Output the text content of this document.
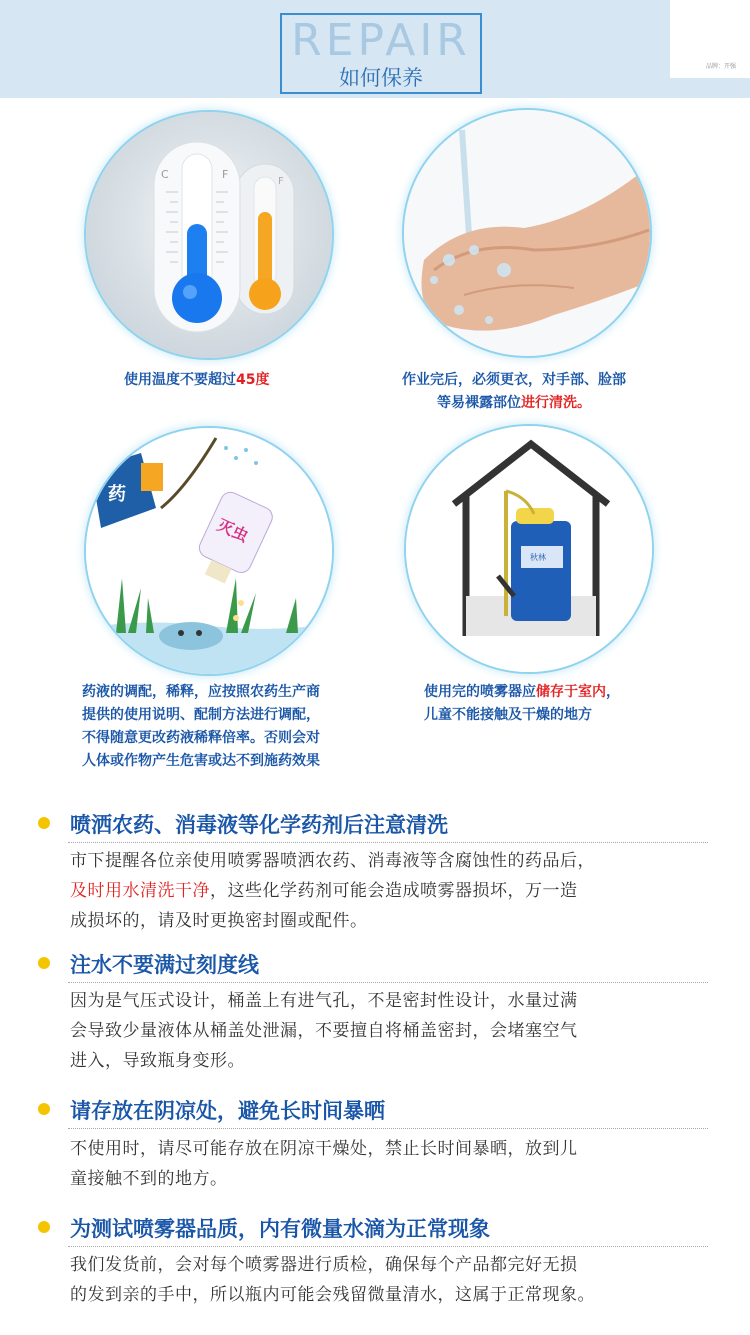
品牌：开强
REPAIR
如何保养
F
C	F
使用温度不要超过45度	作业完后，必须更衣，对手部、脸部
等易裸露部位进行清洗。
药
灭虫
药液的调配，稀释，应按照农药生产商
提供的使用说明、配制方法进行调配，
不得随意更改药液稀释倍率。否则会对
人体或作物产生危害或达不到施药效果
秋林
使用完的喷雾器应储存于室内，
儿童不能接触及干燥的地方
喷洒农药、消毒液等化学药剂后注意清洗
市下提醒各位亲使用喷雾器喷洒农药、消毒液等含腐蚀性的药品后，
及时用水清洗干净，这些化学药剂可能会造成喷雾器损坏，万一造
成损坏的，请及时更换密封圈或配件。
注水不要满过刻度线
因为是气压式设计，桶盖上有进气孔，不是密封性设计，水量过满
会导致少量液体从桶盖处泄漏，不要擅自将桶盖密封，会堵塞空气
进入，导致瓶身变形。
请存放在阴凉处，避免长时间暴晒
不使用时，请尽可能存放在阴凉干燥处，禁止长时间暴晒，放到儿
童接触不到的地方。
为测试喷雾器品质，内有微量水滴为正常现象
我们发货前，会对每个喷雾器进行质检，确保每个产品都完好无损
的发到亲的手中，所以瓶内可能会残留微量清水，这属于正常现象。
